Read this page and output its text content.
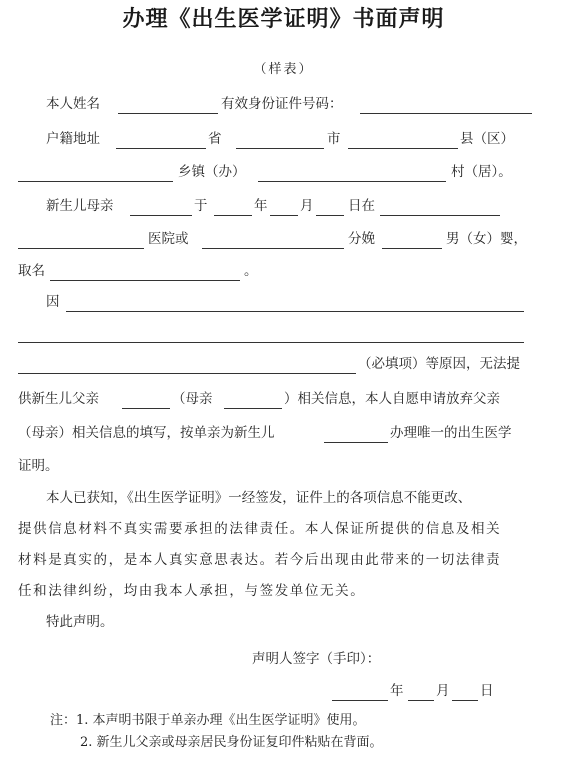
办理《出生医学证明》书面声明
（样表）
本人姓名	有效身份证件号码：
户籍地址	省	市	县（区）
乡镇（办）	村（居）。
新生儿母亲	于	年 月	日在
医院或	分娩	男（女）婴，
取名	。
因
（必填项）等原因，无法提
供新生儿父亲	（母亲	）相关信息，本人自愿申请放弃父亲
（母亲）相关信息的填写，按单亲为新生儿	办理唯一的出生医学
证明。
本人已获知，《出生医学证明》一经签发，证件上的各项信息不能更改、
提供信息材料不真实需要承担的法律责任。本人保证所提供的信息及相关
材料是真实的，是本人真实意思表达。若今后出现由此带来的一切法律责
任和法律纠纷，均由我本人承担，与签发单位无关。
特此声明。
声明人签字（手印）：
年 月 日
注：1. 本声明书限于单亲办理《出生医学证明》使用。
2. 新生儿父亲或母亲居民身份证复印件粘贴在背面。
